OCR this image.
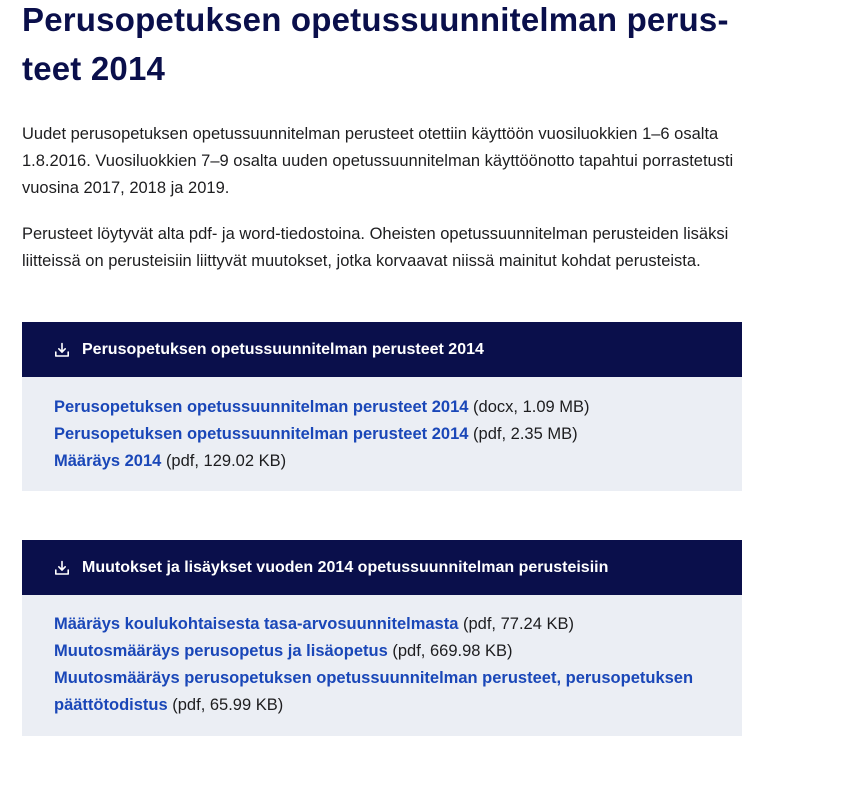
Perusopetuksen opetussuunnitelman perusteet 2014

Uudet perusopetuksen opetussuunnitelman perusteet otettiin käyttöön vuosiluokkien 1–6 osalta 1.8.2016. Vuosiluokkien 7–9 osalta uuden opetussuunnitelman käyttöönotto tapahtui porrastetusti vuosina 2017, 2018 ja 2019.

Perusteet löytyvät alta pdf- ja word-tiedostoina. Oheisten opetussuunnitelman perusteiden lisäksi liitteissä on perusteisiin liittyvät muutokset, jotka korvaavat niissä mainitut kohdat perusteista.

Perusopetuksen opetussuunnitelman perusteet 2014

Perusopetuksen opetussuunnitelman perusteet 2014 (docx, 1.09 MB)

Perusopetuksen opetussuunnitelman perusteet 2014 (pdf, 2.35 MB)

Määräys 2014 (pdf, 129.02 KB)

Muutokset ja lisäykset vuoden 2014 opetussuunnitelman perusteisiin

Määräys koulukohtaisesta tasa-arvosuunnitelmasta (pdf, 77.24 KB)

Muutosmääräys perusopetus ja lisäopetus (pdf, 669.98 KB)

Muutosmääräys perusopetuksen opetussuunnitelman perusteet, perusopetuksen päättötodistus (pdf, 65.99 KB)
